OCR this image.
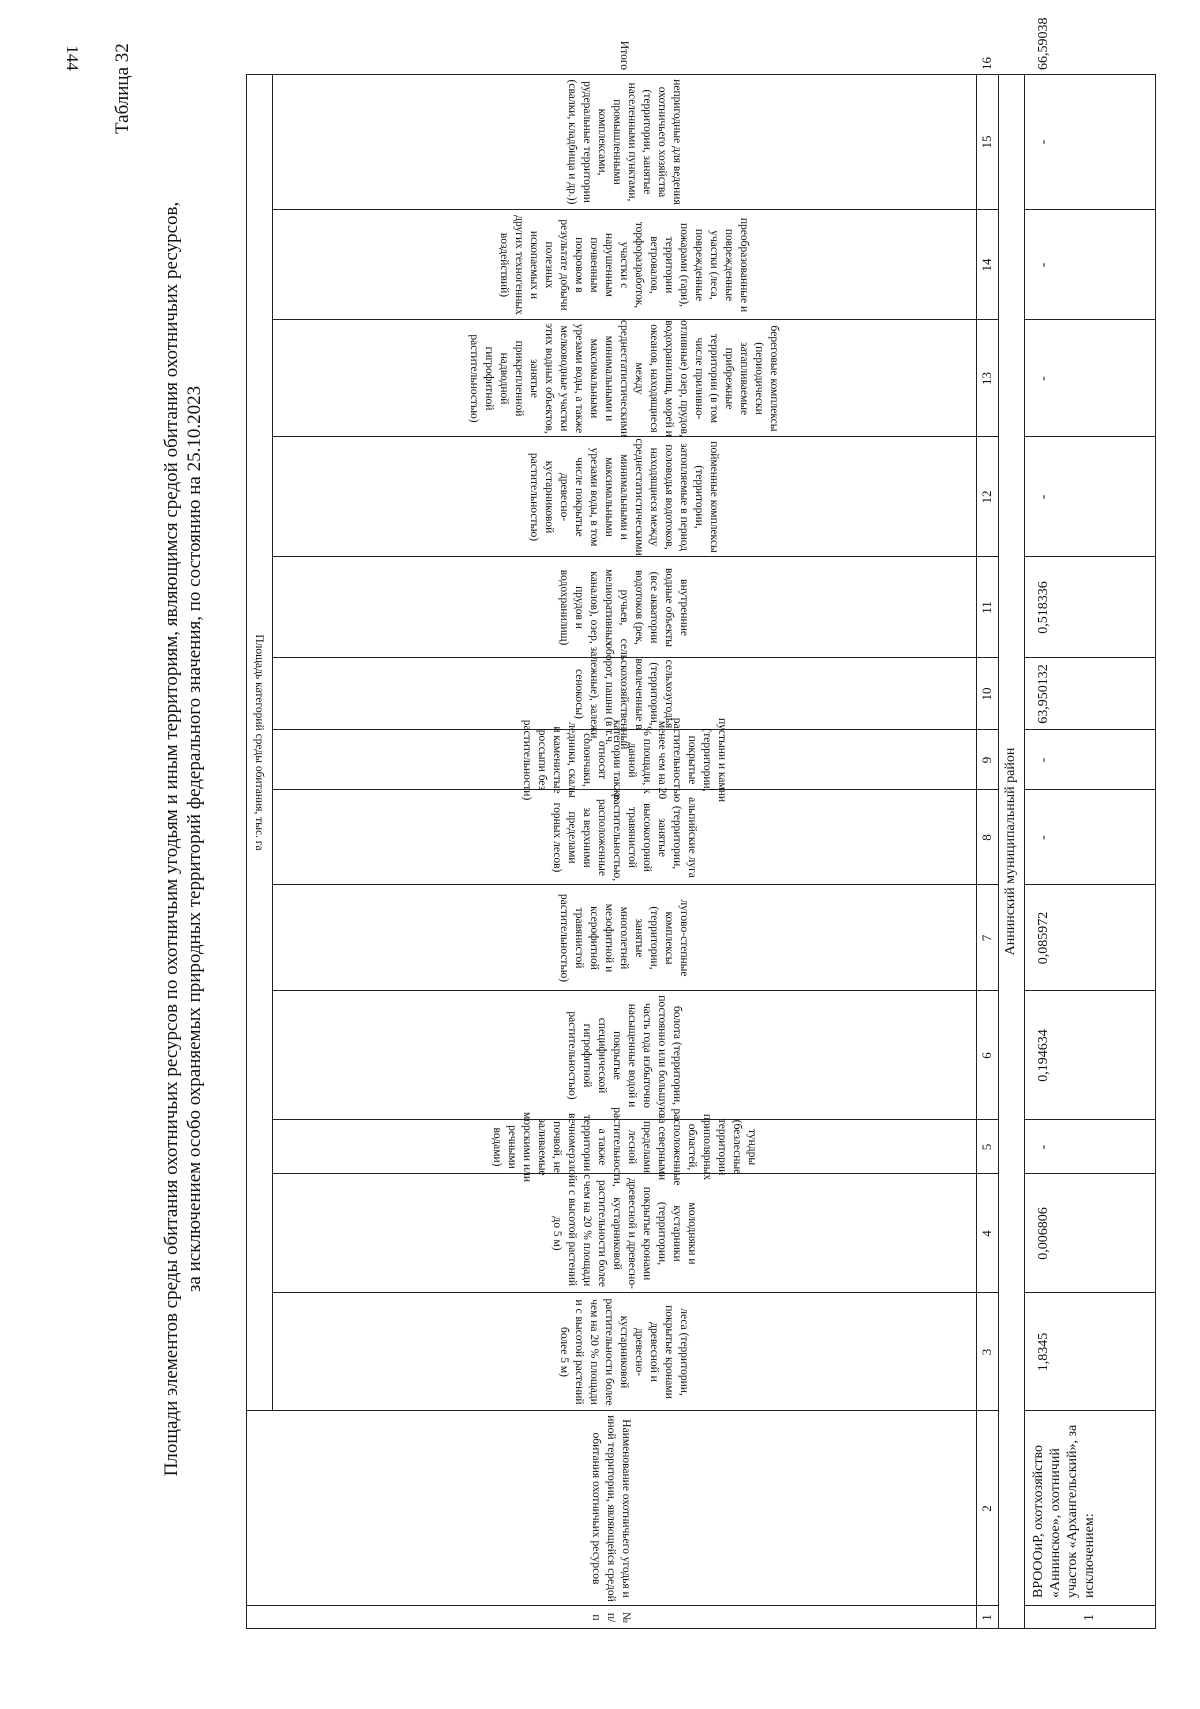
144 Таблица 32
Площади элементов среды обитания охотничьих ресурсов по охотничьим угодьям и иным территориям, являющимся средой обитания охотничьих ресурсов, за исключением особо охраняемых природных территорий федерального значения, по состоянию на 25.10.2023
№ п/п
Наименование охотничьего угодья и иной территории, являющейся средой обитания охотничьих ресурсов
Площадь категорий среды обитания, тыс. га
леса (территории, покрытые кронами древесной и древесно-кустарниковой растительности более чем на 20 % площади и с высотой растений более 5 м)
молодняки и кустарники (территории, покрытые кронами древесной и древесно-кустарниковой растительности более чем на 20 % площади и с высотой растений до 5 м)
тундры (безлесные территории приполярных областей, расположенные за северными пределами лесной растительности, а также территории с вечномерзлой почвой, не заливаемые морскими или речными водами)
болота (территории, постоянно или большую часть года избыточно насыщенные водой и покрытые специфической гигрофитной растительностью)
лугово-степные комплексы (территории, занятые многолетней мезофитной и ксерофитной травянистой растительностью)
альпийские луга (территории, занятые высокогорной травянистой растительностью, расположенные за верхними пределами горных лесов)
пустыни и камни (территории, покрытые растительностью менее чем на 20 % площади, к данной категории также относят солончаки, ледники, скалы и каменистые россыпи без растительности)
сельхозугодья (территории, вовлеченные в сельскохозяйственный оборот, пашни (в т.ч. залежные), залежи, сенокосы)
внутренние водные объекты (все акватории водотоков (рек, ручьев, мелиоративных каналов), озер, прудов и водохранилищ)
пойменные комплексы (территории, затопляемые в период половодья водотоков, находящиеся между среднестатистическими минимальными и максимальными урезами воды, в том числе покрытые древесно-кустарниковой растительностью)
береговые комплексы (периодически затапливаемые прибрежные территории (в том числе приливно-отливные) озер, прудов, водохранилищ, морей и океанов, находящиеся между среднестатистическими минимальными и максимальными урезами воды, а также мелководные участки этих водных объектов, занятые прикрепленной надводной гигрофитной растительностью)
преобразованные и поврежденные участки (леса, поврежденные пожарами (гари), территории ветровалов, торфоразработок, участки с нарушенным почвенным покровом в результате добычи полезных ископаемых и других техногенных воздействий)
непригодные для ведения охотничьего хозяйства (территории, занятые населенными пунктами, промышленными комплексами, рудеральные территории (свалки, кладбища и др.))
Итого
1
2
3
4
5
6
7
8
9
10
11
12
13
14
15
16
Аннинский муниципальный район
1
ВРОООиР, охотхозяйство «Аннинское», охотничий участок «Архангельский», за исключением:
1,8345
0,006806
-
0,194634
0,085972
-
-
63,950132
0,518336
-
-
-
-
66,59038
